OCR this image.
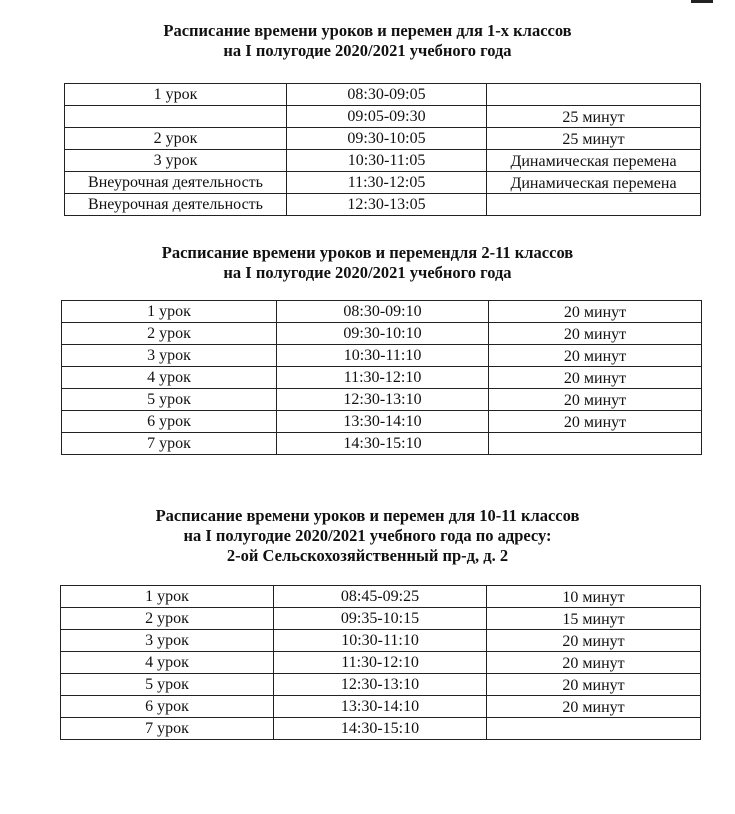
Расписание времени уроков и перемен для 1-х классов
на I полугодие 2020/2021 учебного года
1 урок	08:30-09:05	
	09:05-09:30	25 минут
2 урок	09:30-10:05	25 минут
3 урок	10:30-11:05	Динамическая перемена
Внеурочная деятельность	11:30-12:05	Динамическая перемена
Внеурочная деятельность	12:30-13:05	
Расписание времени уроков и перемендля 2-11 классов
на I полугодие 2020/2021 учебного года
1 урок	08:30-09:10	20 минут
2 урок	09:30-10:10	20 минут
3 урок	10:30-11:10	20 минут
4 урок	11:30-12:10	20 минут
5 урок	12:30-13:10	20 минут
6 урок	13:30-14:10	20 минут
7 урок	14:30-15:10	
Расписание времени уроков и перемен для 10-11 классов
на I полугодие 2020/2021 учебного года по адресу:
2-ой Сельскохозяйственный пр-д, д. 2
1 урок	08:45-09:25	10 минут
2 урок	09:35-10:15	15 минут
3 урок	10:30-11:10	20 минут
4 урок	11:30-12:10	20 минут
5 урок	12:30-13:10	20 минут
6 урок	13:30-14:10	20 минут
7 урок	14:30-15:10	
